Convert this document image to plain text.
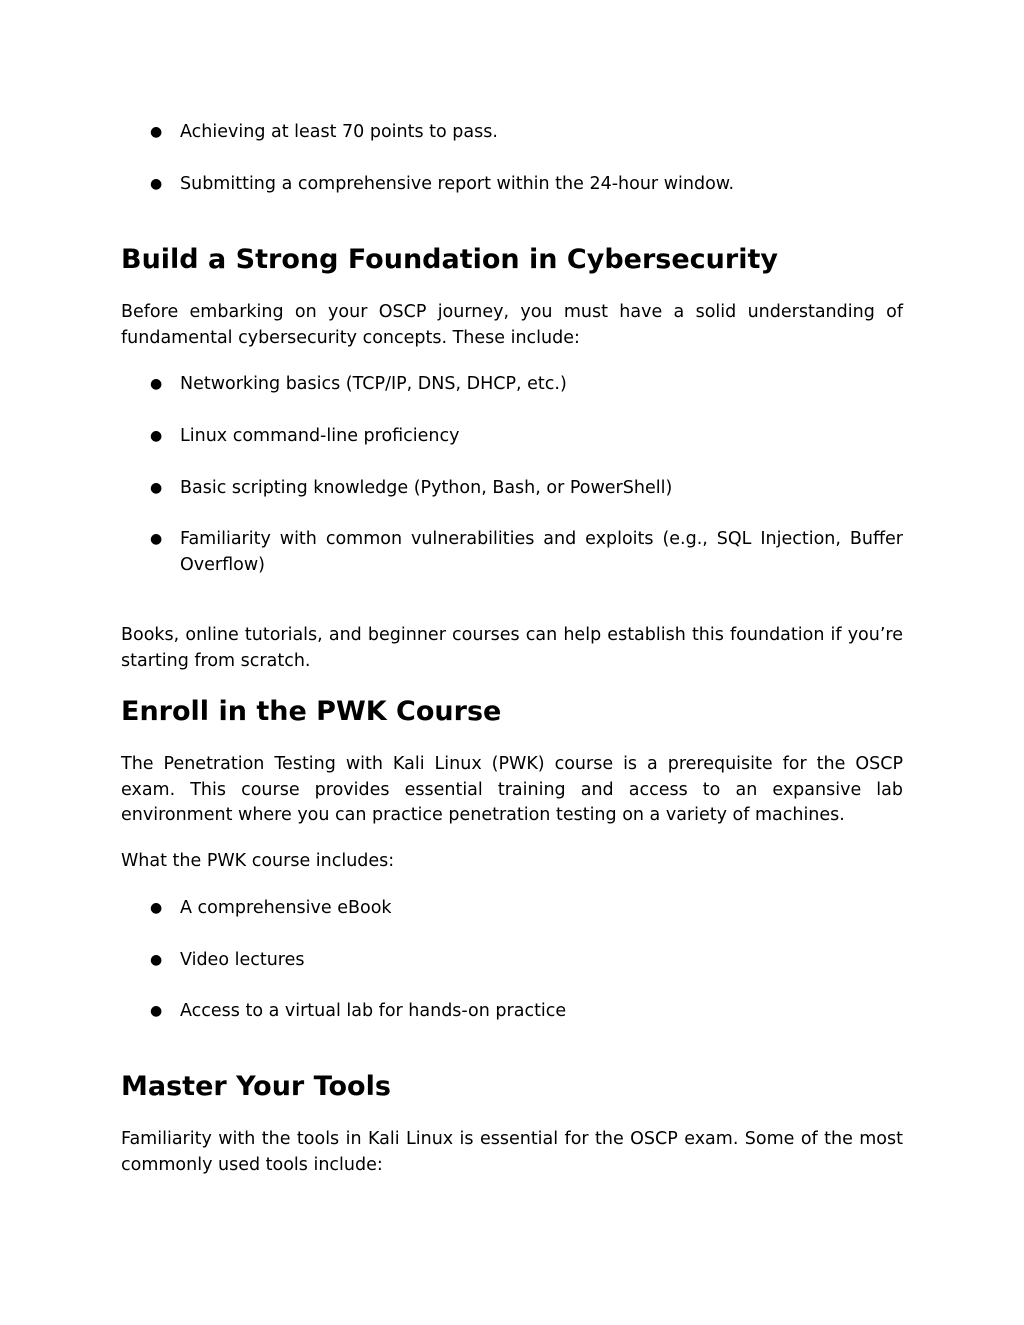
●	Achieving at least 70 points to pass.
●	Submitting a comprehensive report within the 24-hour window.
Build a Strong Foundation in Cybersecurity

Before embarking on your OSCP journey, you must have a solid understanding of fundamental cybersecurity concepts. These include:

●	Networking basics (TCP/IP, DNS, DHCP, etc.)
●	Linux command-line proficiency
●	Basic scripting knowledge (Python, Bash, or PowerShell)
●	Familiarity with common vulnerabilities and exploits (e.g., SQL Injection, Buffer Overflow)

Books, online tutorials, and beginner courses can help establish this foundation if you’re starting from scratch.

Enroll in the PWK Course

The Penetration Testing with Kali Linux (PWK) course is a prerequisite for the OSCP exam. This course provides essential training and access to an expansive lab environment where you can practice penetration testing on a variety of machines.

What the PWK course includes:

●	A comprehensive eBook
●	Video lectures
●	Access to a virtual lab for hands-on practice
Master Your Tools

Familiarity with the tools in Kali Linux is essential for the OSCP exam. Some of the most commonly used tools include:
